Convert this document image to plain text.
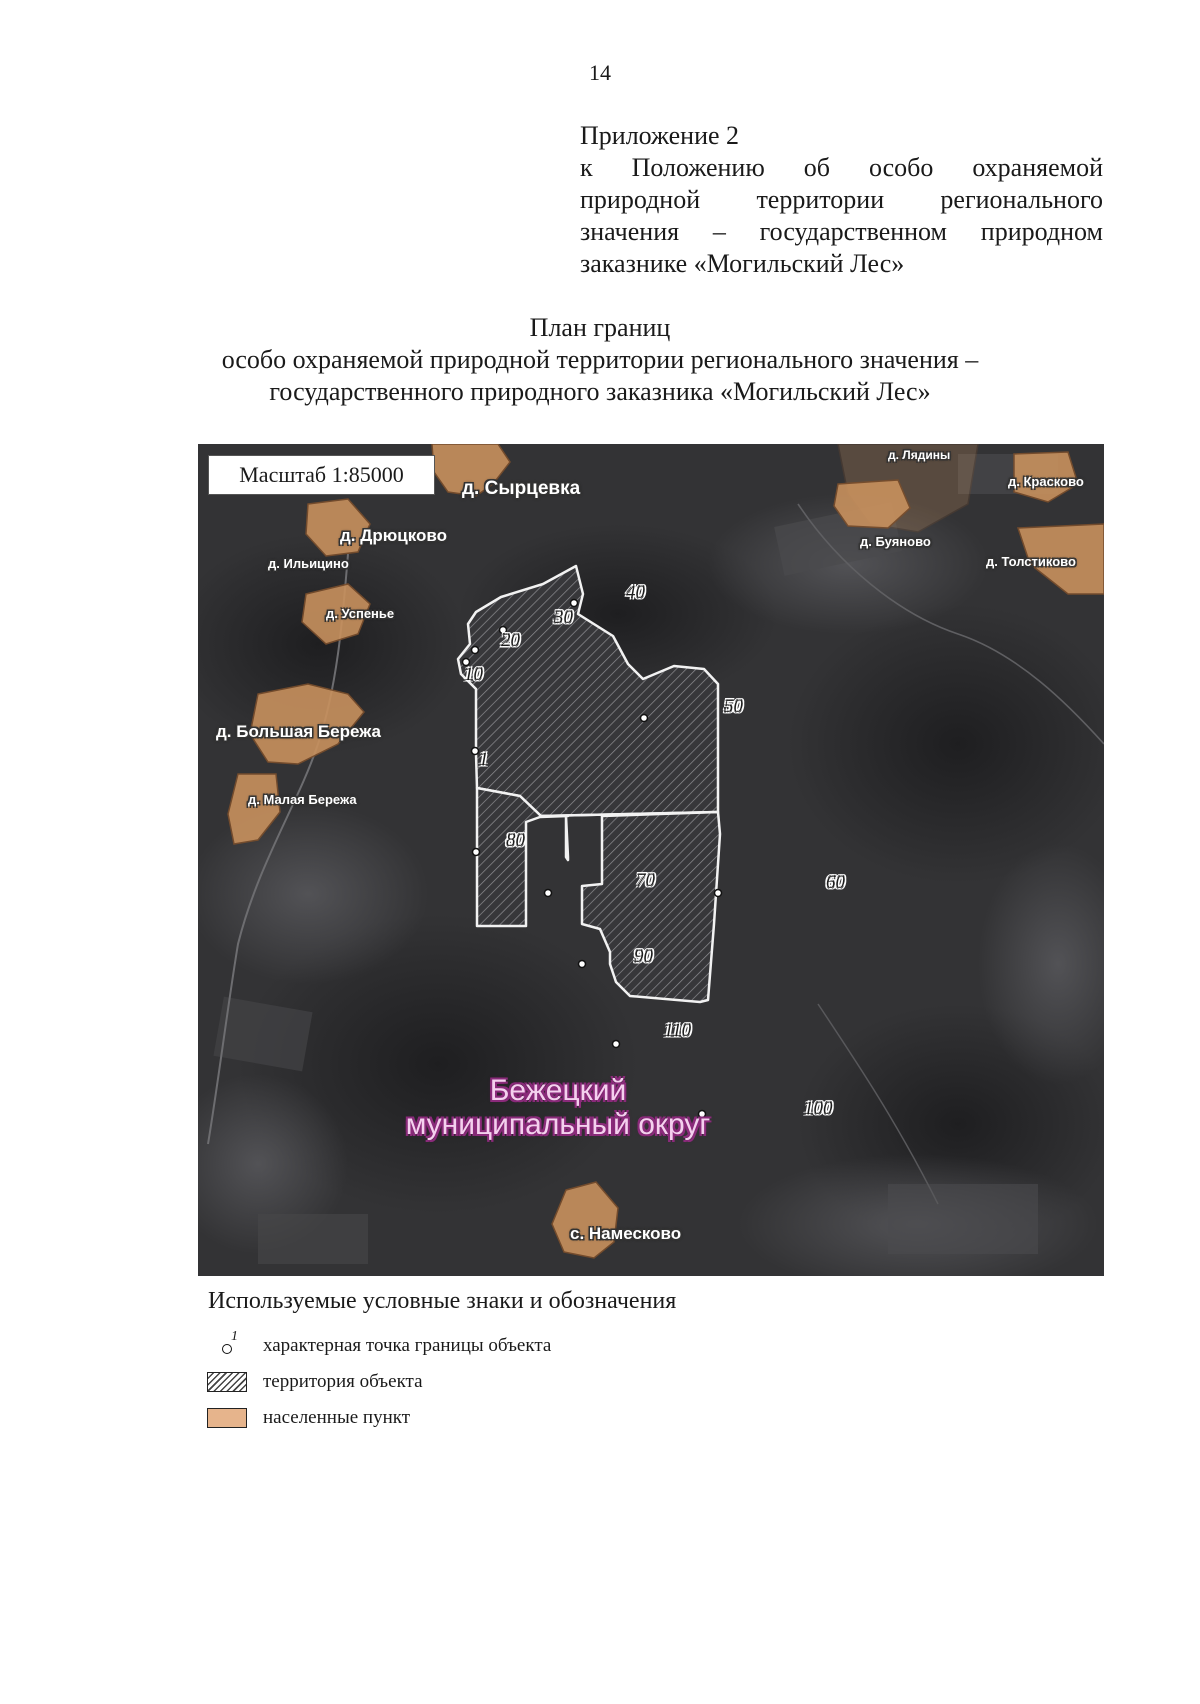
14
Приложение 2
к Положению об особо охраняемой
природной территории регионального
значения – государственном природном
заказнике «Могильский Лес»
План границ
особо охраняемой природной территории регионального значения –
государственного природного заказника «Могильский Лес»
Масштаб 1:85000
д. Сырцевка
д. Лядины
д. Красково
д. Буяново
д. Толстиково
д. Дрюцково
д. Ильицино
д. Успенье
д. Большая Бережа
д. Малая Бережа
с. Намесково
Бежецкий
муниципальный округ
1
10
20
30
40
50
60
70
80
90
100
110
Используемые условные знаки и обозначения
1 характерная точка границы объекта
территория объекта
населенные пункт
